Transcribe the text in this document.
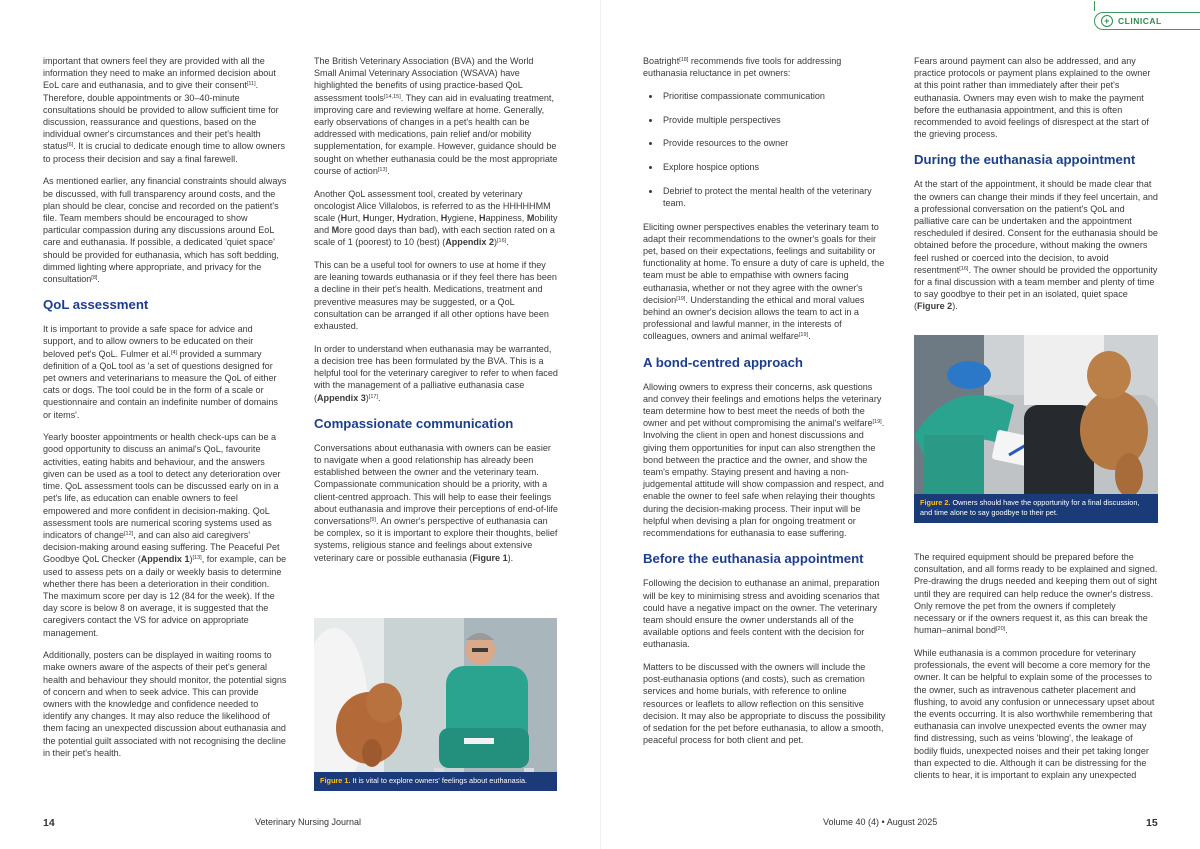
+ CLINICAL

important that owners feel they are provided with all the information they need to make an informed decision about EoL care and euthanasia, and to give their consent[11]. Therefore, double appointments or 30–40-minute consultations should be provided to allow sufficient time for discussion, reassurance and questions, based on the individual owner's circumstances and their pet's health status[6]. It is crucial to dedicate enough time to allow owners to process their decision and say a final farewell.

As mentioned earlier, any financial constraints should always be discussed, with full transparency around costs, and the plan should be clear, concise and recorded on the patient's file. Team members should be encouraged to show particular compassion during any discussions around EoL care and euthanasia. If possible, a dedicated 'quiet space' should be provided for euthanasia, which has soft bedding, dimmed lighting where appropriate, and privacy for the consultation[8].

QoL assessment

It is important to provide a safe space for advice and support, and to allow owners to be educated on their beloved pet's QoL. Fulmer et al.[4] provided a summary definition of a QoL tool as 'a set of questions designed for pet owners and veterinarians to measure the QoL of either cats or dogs. The tool could be in the form of a scale or questionnaire and contain an indefinite number of domains or items'.

Yearly booster appointments or health check-ups can be a good opportunity to discuss an animal's QoL, favourite activities, eating habits and behaviour, and the answers given can be used as a tool to detect any deterioration over time. QoL assessment tools can be discussed early on in a pet's life, as education can enable owners to feel empowered and more confident in decision-making. QoL assessment tools are numerical scoring systems used as indicators of change[12], and can also aid caregivers' decision-making around easing suffering. The Peaceful Pet Goodbye QoL Checker (Appendix 1)[13], for example, can be used to assess pets on a daily or weekly basis to determine whether there has been a deterioration in their condition. The maximum score per day is 12 (84 for the week). If the day score is below 8 on average, it is suggested that the caregivers contact the VS for advice on appropriate management.

Additionally, posters can be displayed in waiting rooms to make owners aware of the aspects of their pet's general health and behaviour they should monitor, the potential signs of concern and when to seek advice. This can provide owners with the knowledge and confidence needed to identify any changes. It may also reduce the likelihood of them facing an unexpected discussion about euthanasia and the potential guilt associated with not recognising the decline in their pet's health.

The British Veterinary Association (BVA) and the World Small Animal Veterinary Association (WSAVA) have highlighted the benefits of using practice-based QoL assessment tools[14,15]. They can aid in evaluating treatment, improving care and reviewing welfare at home. Generally, early observations of changes in a pet's health can be addressed with medications, pain relief and/or mobility supplementation, for example. However, guidance should be sought on whether euthanasia could be the most appropriate course of action[13].

Another QoL assessment tool, created by veterinary oncologist Alice Villalobos, is referred to as the HHHHHMM scale (Hurt, Hunger, Hydration, Hygiene, Happiness, Mobility and More good days than bad), with each section rated on a scale of 1 (poorest) to 10 (best) (Appendix 2)[16].

This can be a useful tool for owners to use at home if they are leaning towards euthanasia or if they feel there has been a decline in their pet's health. Medications, treatment and preventive measures may be suggested, or a QoL consultation can be arranged if all other options have been exhausted.

In order to understand when euthanasia may be warranted, a decision tree has been formulated by the BVA. This is a helpful tool for the veterinary caregiver to refer to when faced with the management of a palliative euthanasia case (Appendix 3)[17].

Compassionate communication

Conversations about euthanasia with owners can be easier to navigate when a good relationship has already been established between the owner and the veterinary team. Compassionate communication should be a priority, with a client-centred approach. This will help to ease their feelings about euthanasia and improve their perceptions of end-of-life conversations[9]. An owner's perspective of euthanasia can be complex, so it is important to explore their thoughts, belief systems, religious stance and feelings about extensive veterinary care or possible euthanasia (Figure 1).

Figure 1. It is vital to explore owners' feelings about euthanasia.

Boatright[18] recommends five tools for addressing euthanasia reluctance in pet owners:

• Prioritise compassionate communication
• Provide multiple perspectives
• Provide resources to the owner
• Explore hospice options
• Debrief to protect the mental health of the veterinary team.

Eliciting owner perspectives enables the veterinary team to adapt their recommendations to the owner's goals for their pet, based on their expectations, feelings and suitability or functionality at home. To ensure a duty of care is upheld, the team must be able to empathise with owners facing euthanasia, whether or not they agree with the owner's decision[19]. Understanding the ethical and moral values behind an owner's decision allows the team to act in a professional and lawful manner, in the interests of colleagues, owners and animal welfare[19].

A bond-centred approach

Allowing owners to express their concerns, ask questions and convey their feelings and emotions helps the veterinary team determine how to best meet the needs of both the owner and pet without compromising the animal's welfare[19]. Involving the client in open and honest discussions and giving them opportunities for input can also strengthen the bond between the practice and the owner, and show the team's empathy. Staying present and having a non-judgemental attitude will show compassion and respect, and enable the owner to feel safe when relaying their thoughts during the decision-making process. Their input will be helpful when devising a plan for ongoing treatment or recommendations for euthanasia to ease suffering.

Before the euthanasia appointment

Following the decision to euthanase an animal, preparation will be key to minimising stress and avoiding scenarios that could have a negative impact on the owner. The veterinary team should ensure the owner understands all of the available options and feels content with the decision for euthanasia.

Matters to be discussed with the owners will include the post-euthanasia options (and costs), such as cremation services and home burials, with reference to online resources or leaflets to allow reflection on this sensitive decision. It may also be appropriate to discuss the possibility of sedation for the pet before euthanasia, to allow a smooth, peaceful process for both client and pet.

Fears around payment can also be addressed, and any practice protocols or payment plans explained to the owner at this point rather than immediately after their pet's euthanasia. Owners may even wish to make the payment before the euthanasia appointment, and this is often recommended to avoid feelings of disrespect at the start of the grieving process.

During the euthanasia appointment

At the start of the appointment, it should be made clear that the owners can change their minds if they feel uncertain, and a professional conversation on the patient's QoL and palliative care can be undertaken and the appointment rescheduled if desired. Consent for the euthanasia should be obtained before the procedure, without making the owners feel rushed or coerced into the decision, to avoid resentment[16]. The owner should be provided the opportunity for a final discussion with a team member and plenty of time to say goodbye to their pet in an isolated, quiet space (Figure 2).

Figure 2. Owners should have the opportunity for a final discussion, and time alone to say goodbye to their pet.

The required equipment should be prepared before the consultation, and all forms ready to be explained and signed. Pre-drawing the drugs needed and keeping them out of sight until they are required can help reduce the owner's distress. Only remove the pet from the owners if completely necessary or if the owners request it, as this can break the human–animal bond[20].

While euthanasia is a common procedure for veterinary professionals, the event will become a core memory for the owner. It can be helpful to explain some of the processes to the owner, such as intravenous catheter placement and flushing, to avoid any confusion or unnecessary upset about the events occurring. It is also worthwhile remembering that euthanasia can involve unexpected events the owner may find distressing, such as veins 'blowing', the leakage of bodily fluids, unexpected noises and their pet taking longer than expected to die. Although it can be distressing for the clients to hear, it is important to explain any unexpected

14	Veterinary Nursing Journal	Volume 40 (4) • August 2025	15
